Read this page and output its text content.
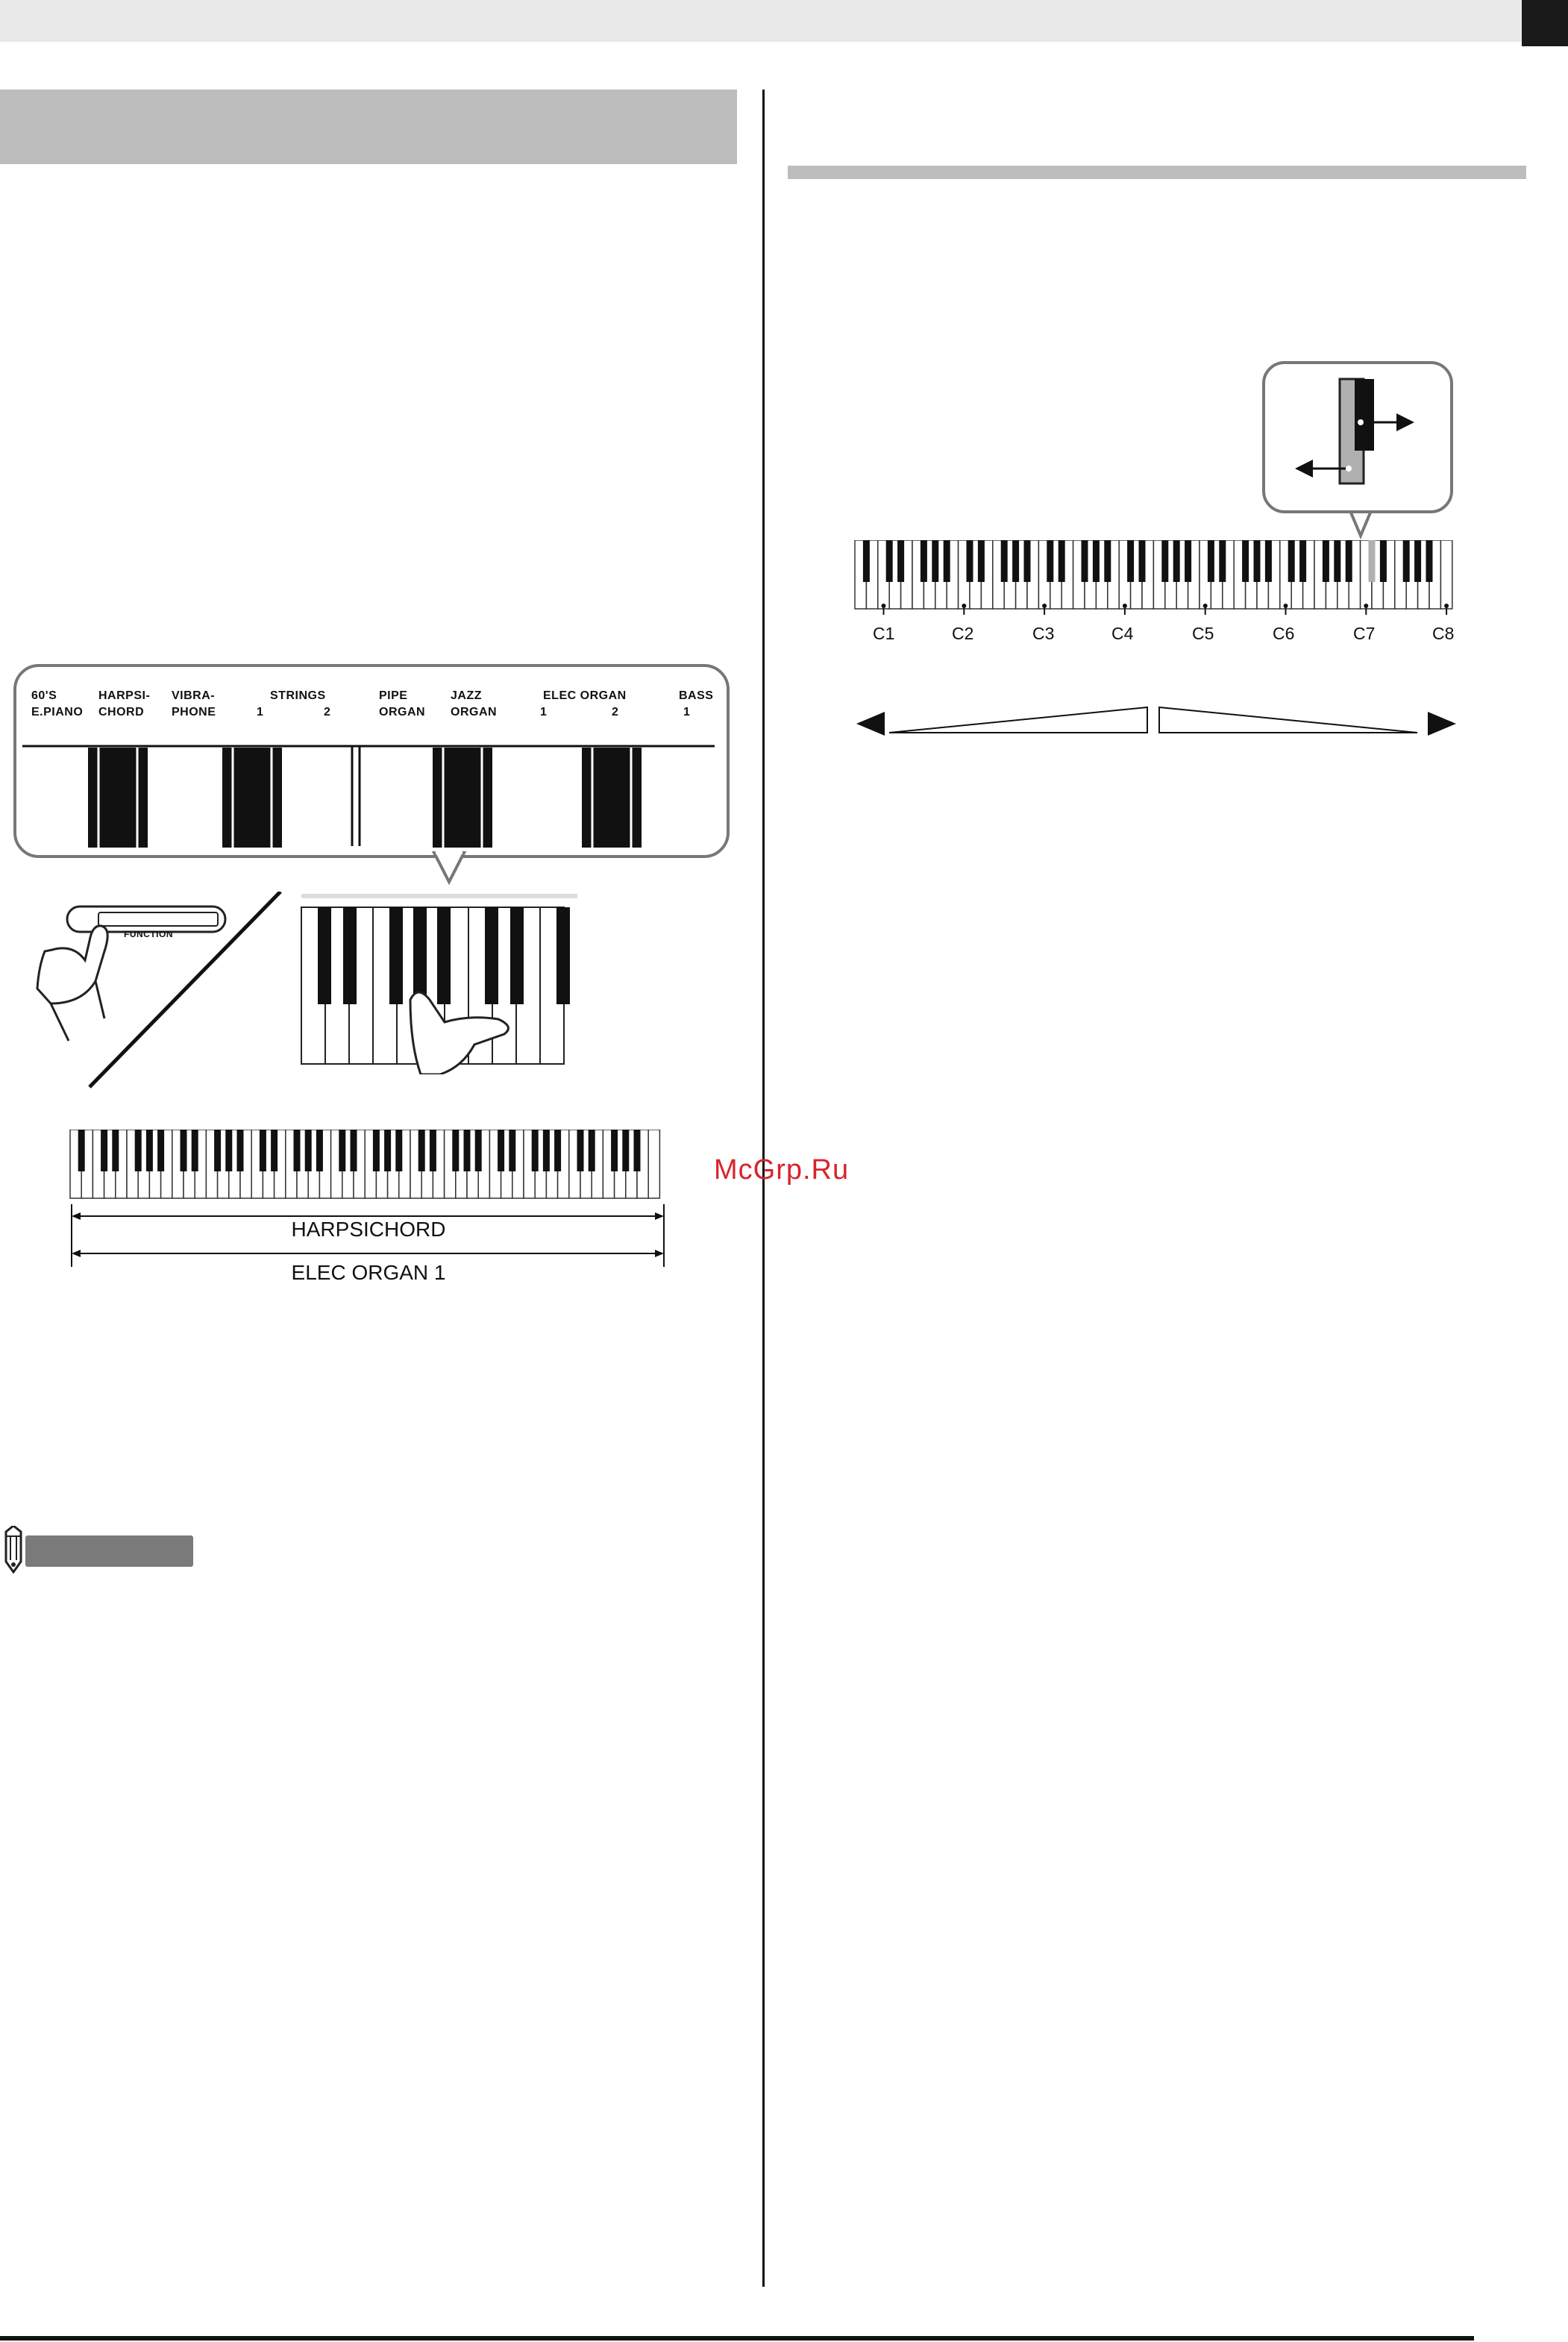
60'S
E.PIANO
HARPSI-
CHORD
VIBRA-
PHONE
STRINGS
1	2
PIPE
ORGAN
JAZZ
ORGAN
ELEC ORGAN
1	2
BASS
1
FUNCTION
HARPSICHORD
ELEC ORGAN 1
McGrp.Ru
C1	C2	C3	C4	C5	C6	C7	C8
